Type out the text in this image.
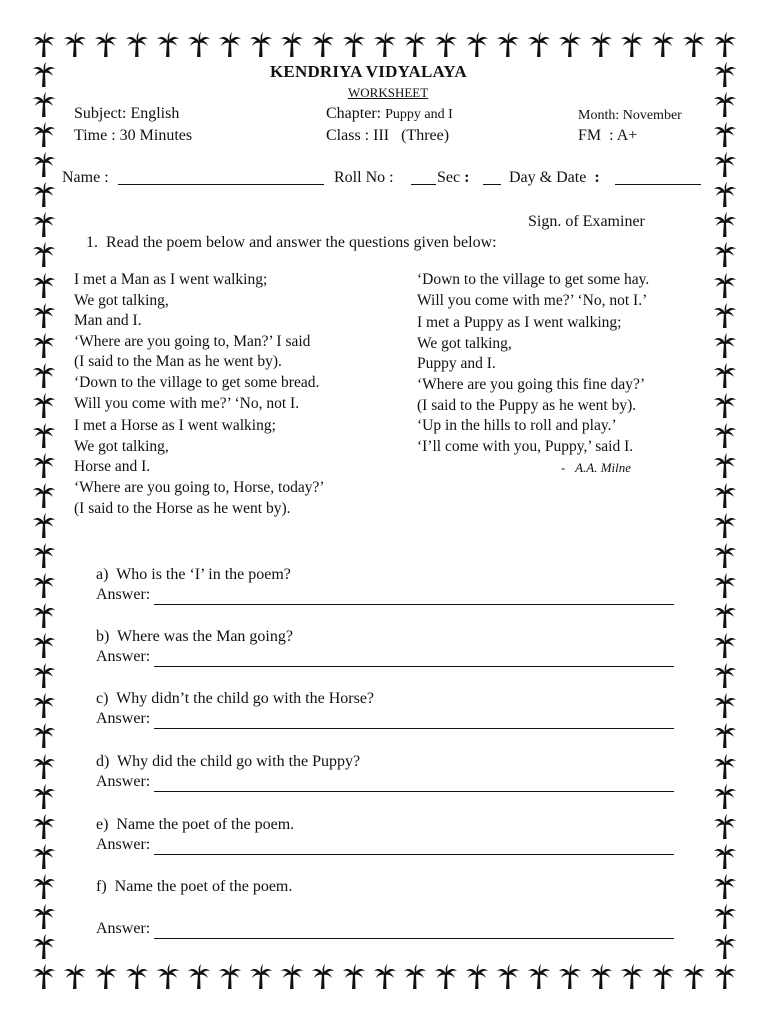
KENDRIYA VIDYALAYA
WORKSHEET
Subject: English	Chapter: Puppy and I	Month: November
Time : 30 Minutes	Class : III   (Three)	FM  : A+
Name :	Roll No :	Sec : Day & Date  :
Sign. of Examiner
1.  Read the poem below and answer the questions given below:
I met a Man as I went walking;
We got talking,
Man and I.
‘Where are you going to, Man?’ I said
(I said to the Man as he went by).
‘Down to the village to get some bread.
Will you come with me?’ ‘No, not I.
I met a Horse as I went walking;
We got talking,
Horse and I.
‘Where are you going to, Horse, today?’
(I said to the Horse as he went by).
‘Down to the village to get some hay.
Will you come with me?’ ‘No, not I.’
I met a Puppy as I went walking;
We got talking,
Puppy and I.
‘Where are you going this fine day?’
(I said to the Puppy as he went by).
‘Up in the hills to roll and play.’
‘I’ll come with you, Puppy,’ said I.
- A.A. Milne
a)  Who is the ‘I’ in the poem?
Answer:
b)  Where was the Man going?
Answer:
c)  Why didn’t the child go with the Horse?
Answer:
d)  Why did the child go with the Puppy?
Answer:
e)  Name the poet of the poem.
Answer:
f)  Name the poet of the poem.
Answer:
